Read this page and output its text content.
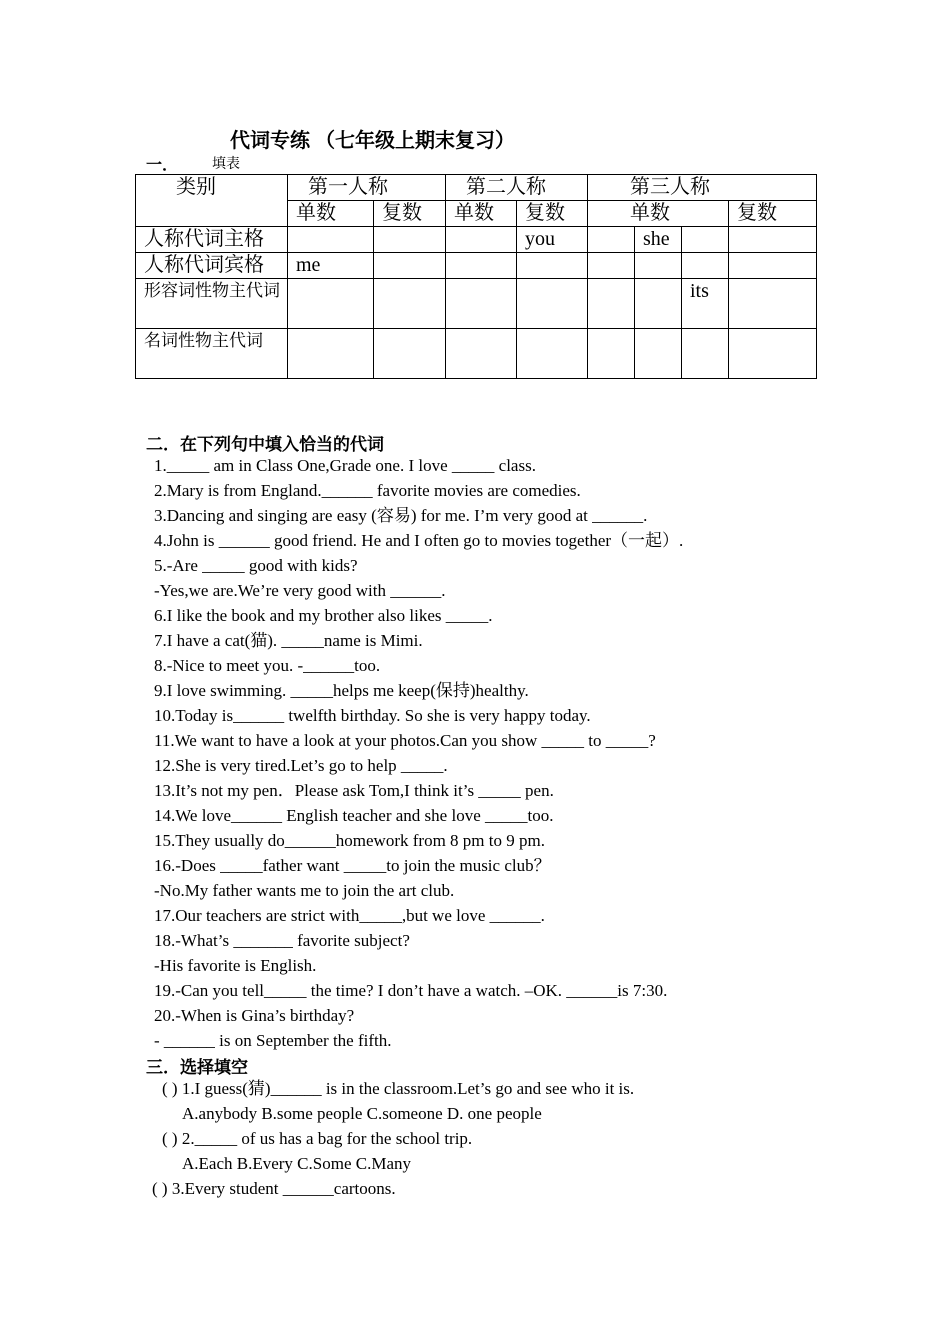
代词专练 （七年级上期末复习）
一． 填表
类别	第一人称		第二人称		第三人称			
	单数	复数	单数	复数	单数			复数
人称代词主格				you		she		
人称代词宾格	me							
形容词性物主代词							its	
名词性物主代词								
二．在下列句中填入恰当的代词
1._____ am in Class One,Grade one. I love _____ class.
2.Mary is from England.______ favorite movies are comedies.
3.Dancing and singing are easy (容易) for me. I’m very good at ______.
4.John is ______ good friend. He and I often go to movies together（一起）.
5.-Are _____ good with kids?
-Yes,we are.We’re very good with ______.
6.I like the book and my brother also likes _____.
7.I have a cat(猫). _____name is Mimi.
8.-Nice to meet you. -______too.
9.I love swimming. _____helps me keep(保持)healthy.
10.Today is______ twelfth birthday. So she is very happy today.
11.We want to have a look at your photos.Can you show _____ to _____?
12.She is very tired.Let’s go to help _____.
13.It’s not my pen．Please ask Tom,I think it’s _____ pen.
14.We love______ English teacher and she love _____too.
15.They usually do______homework from 8 pm to 9 pm.
16.-Does _____father want _____to join the music club？
-No.My father wants me to join the art club.
17.Our teachers are strict with_____,but we love ______.
18.-What’s _______ favorite subject?
-His favorite is English.
19.-Can you tell_____ the time? I don’t have a watch. –OK. ______is 7:30.
20.-When is Gina’s birthday?
- ______ is on September the fifth.
三．选择填空
( ) 1.I guess(猜)______ is in the classroom.Let’s go and see who it is.
A.anybody B.some people C.someone D. one people
( ) 2._____ of us has a bag for the school trip.
A.Each B.Every C.Some C.Many
( ) 3.Every student ______cartoons.
